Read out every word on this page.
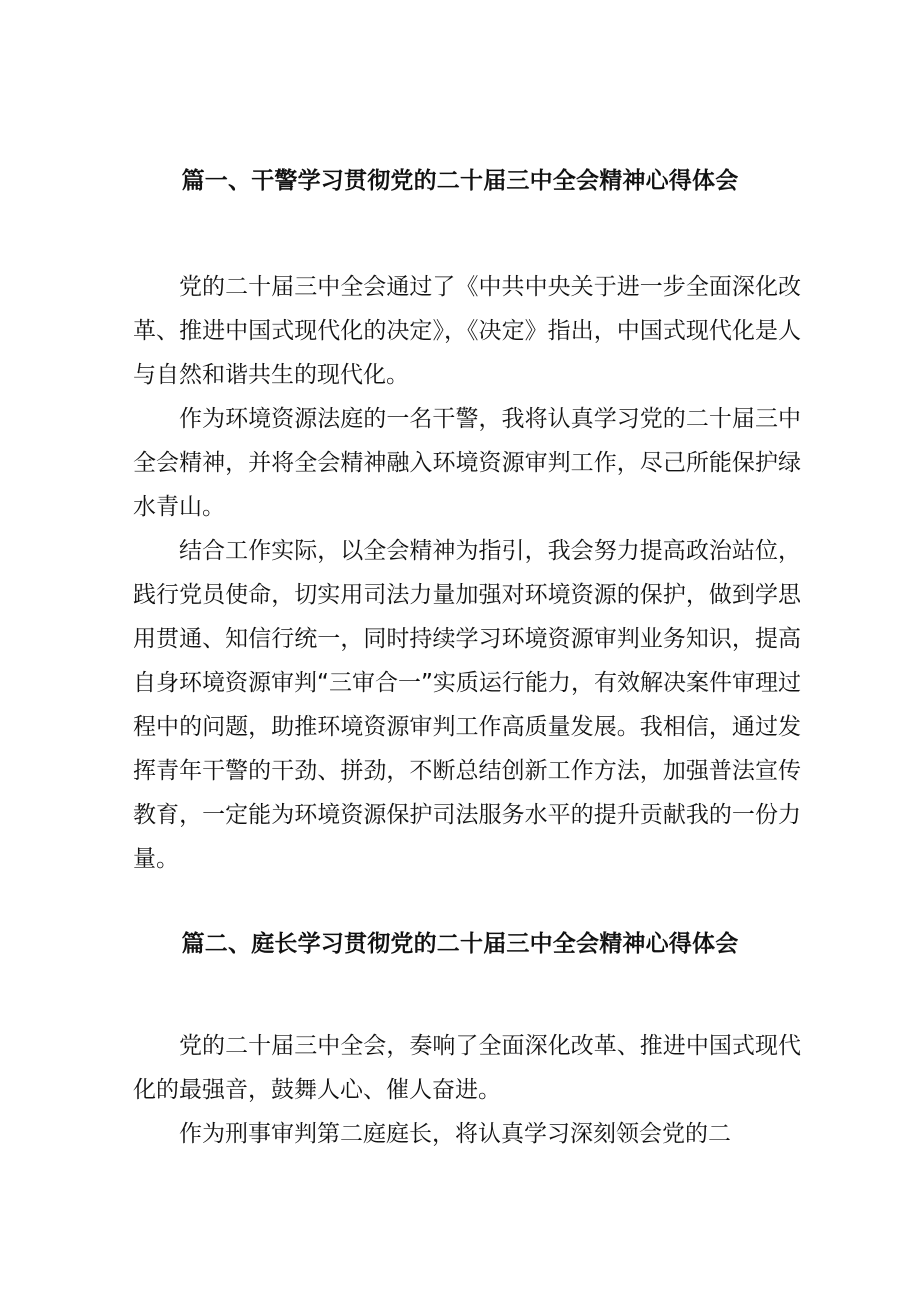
篇一、干警学习贯彻党的二十届三中全会精神心得体会

党的二十届三中全会通过了《中共中央关于进一步全面深化改革、推进中国式现代化的决定》，《决定》指出，中国式现代化是人与自然和谐共生的现代化。

作为环境资源法庭的一名干警，我将认真学习党的二十届三中全会精神，并将全会精神融入环境资源审判工作，尽己所能保护绿水青山。

结合工作实际，以全会精神为指引，我会努力提高政治站位，践行党员使命，切实用司法力量加强对环境资源的保护，做到学思用贯通、知信行统一，同时持续学习环境资源审判业务知识，提高自身环境资源审判“三审合一”实质运行能力，有效解决案件审理过程中的问题，助推环境资源审判工作高质量发展。我相信，通过发挥青年干警的干劲、拼劲，不断总结创新工作方法，加强普法宣传教育，一定能为环境资源保护司法服务水平的提升贡献我的一份力量。

篇二、庭长学习贯彻党的二十届三中全会精神心得体会

党的二十届三中全会，奏响了全面深化改革、推进中国式现代化的最强音，鼓舞人心、催人奋进。

作为刑事审判第二庭庭长，将认真学习深刻领会党的二
